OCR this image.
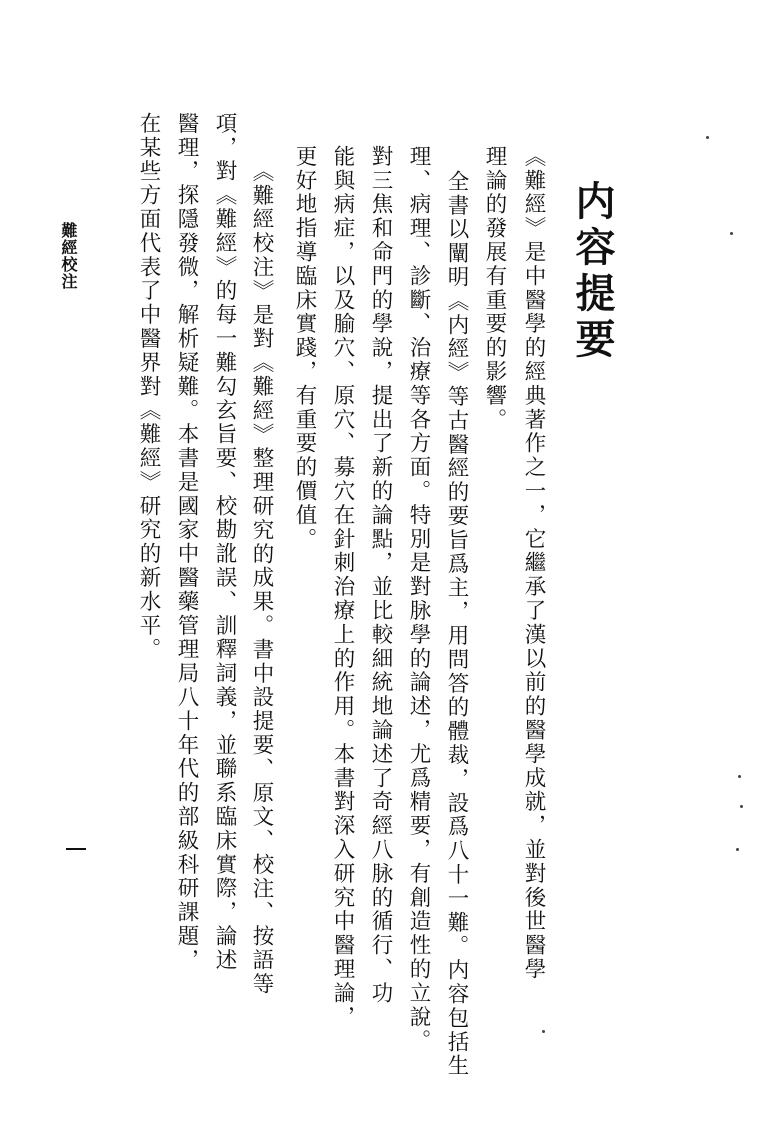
内容提要
《難經》是中醫學的經典著作之一，它繼承了漢以前的醫學成就，並對後世醫學
理論的發展有重要的影響。
全書以闡明《内經》等古醫經的要旨爲主，用問答的體裁，設爲八十一難。内容包括生
理、病理、診斷、治療等各方面。特別是對脉學的論述，尤爲精要，有創造性的立說。
對三焦和命門的學說，提出了新的論點，並比較細統地論述了奇經八脉的循行、功
能與病症，以及腧穴、原穴、募穴在針刺治療上的作用。本書對深入研究中醫理論，
更好地指導臨床實踐，有重要的價值。
《難經校注》是對《難經》整理研究的成果。書中設提要、原文、校注、按語等
項，對《難經》的每一難勾玄旨要、校勘訛誤、訓釋詞義，並聯系臨床實際，論述
醫理，探隱發微，解析疑難。本書是國家中醫藥管理局八十年代的部級科研課題，
在某些方面代表了中醫界對《難經》研究的新水平。
難經校注
